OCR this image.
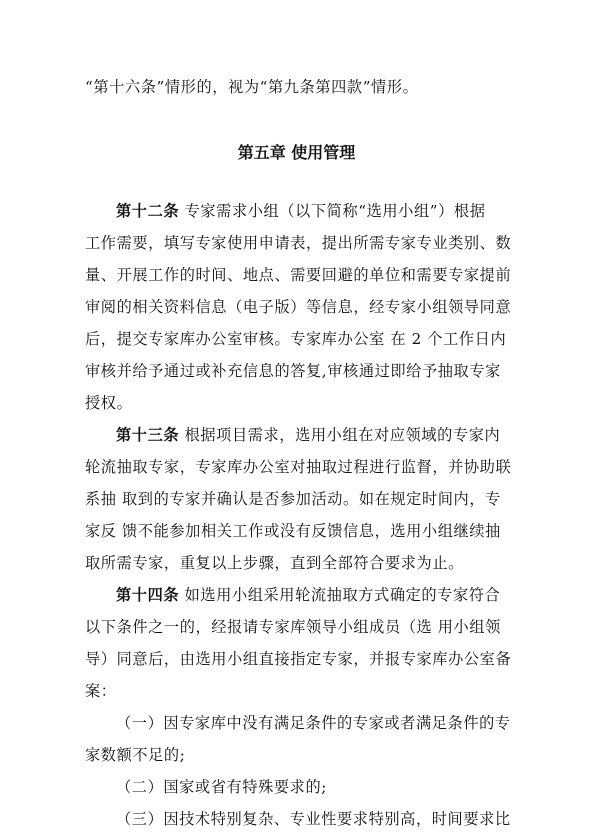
“第十六条”情形的，视为“第九条第四款”情形。
第五章 使用管理
第十二条 专家需求小组（以下简称“选用小组”）根据
工作需要，填写专家使用申请表，提出所需专家专业类别、数
量、开展工作的时间、地点、需要回避的单位和需要专家提前
审阅的相关资料信息（电子版）等信息，经专家小组领导同意
后，提交专家库办公室审核。专家库办公室 在 2 个工作日内
审核并给予通过或补充信息的答复,审核通过即给予抽取专家
授权。
第十三条 根据项目需求，选用小组在对应领域的专家内
轮流抽取专家，专家库办公室对抽取过程进行监督，并协助联
系抽 取到的专家并确认是否参加活动。如在规定时间内，专
家反 馈不能参加相关工作或没有反馈信息，选用小组继续抽
取所需专家，重复以上步骤，直到全部符合要求为止。
第十四条 如选用小组采用轮流抽取方式确定的专家符合
以下条件之一的，经报请专家库领导小组成员（选 用小组领
导）同意后，由选用小组直接指定专家，并报专家库办公室备
案：
（一）因专家库中没有满足条件的专家或者满足条件的专
家数额不足的;
（二）国家或省有特殊要求的;
（三）因技术特别复杂、专业性要求特别高，时间要求比
